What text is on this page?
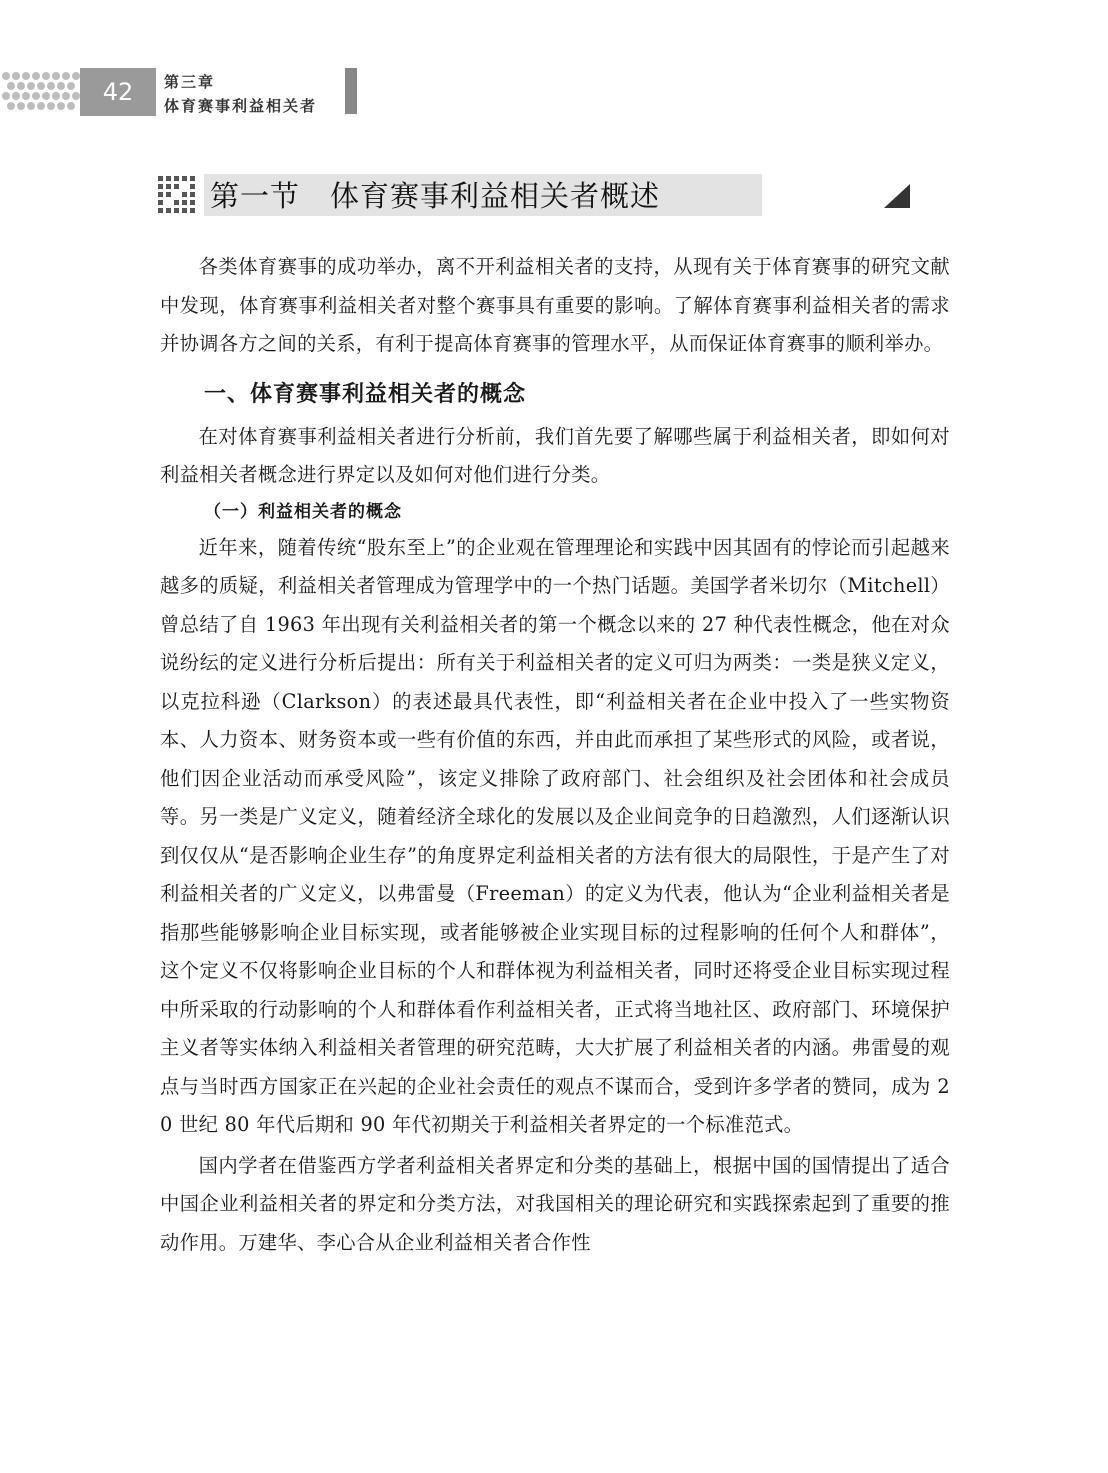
42	第三章
体育赛事利益相关者
第一节　体育赛事利益相关者概述

各类体育赛事的成功举办，离不开利益相关者的支持，从现有关于体育赛事的研究文献中发现，体育赛事利益相关者对整个赛事具有重要的影响。了解体育赛事利益相关者的需求并协调各方之间的关系，有利于提高体育赛事的管理水平，从而保证体育赛事的顺利举办。

一、体育赛事利益相关者的概念

在对体育赛事利益相关者进行分析前，我们首先要了解哪些属于利益相关者，即如何对利益相关者概念进行界定以及如何对他们进行分类。

（一）利益相关者的概念

近年来，随着传统“股东至上”的企业观在管理理论和实践中因其固有的悖论而引起越来越多的质疑，利益相关者管理成为管理学中的一个热门话题。美国学者米切尔（Mitchell）曾总结了自 1963 年出现有关利益相关者的第一个概念以来的 27 种代表性概念，他在对众说纷纭的定义进行分析后提出：所有关于利益相关者的定义可归为两类：一类是狭义定义，以克拉科逊（Clarkson）的表述最具代表性，即“利益相关者在企业中投入了一些实物资本、人力资本、财务资本或一些有价值的东西，并由此而承担了某些形式的风险，或者说，他们因企业活动而承受风险”，该定义排除了政府部门、社会组织及社会团体和社会成员等。另一类是广义定义，随着经济全球化的发展以及企业间竞争的日趋激烈，人们逐渐认识到仅仅从“是否影响企业生存”的角度界定利益相关者的方法有很大的局限性，于是产生了对利益相关者的广义定义，以弗雷曼（Freeman）的定义为代表，他认为“企业利益相关者是指那些能够影响企业目标实现，或者能够被企业实现目标的过程影响的任何个人和群体”，这个定义不仅将影响企业目标的个人和群体视为利益相关者，同时还将受企业目标实现过程中所采取的行动影响的个人和群体看作利益相关者，正式将当地社区、政府部门、环境保护主义者等实体纳入利益相关者管理的研究范畴，大大扩展了利益相关者的内涵。弗雷曼的观点与当时西方国家正在兴起的企业社会责任的观点不谋而合，受到许多学者的赞同，成为 20 世纪 80 年代后期和 90 年代初期关于利益相关者界定的一个标准范式。

国内学者在借鉴西方学者利益相关者界定和分类的基础上，根据中国的国情提出了适合中国企业利益相关者的界定和分类方法，对我国相关的理论研究和实践探索起到了重要的推动作用。万建华、李心合从企业利益相关者合作性
